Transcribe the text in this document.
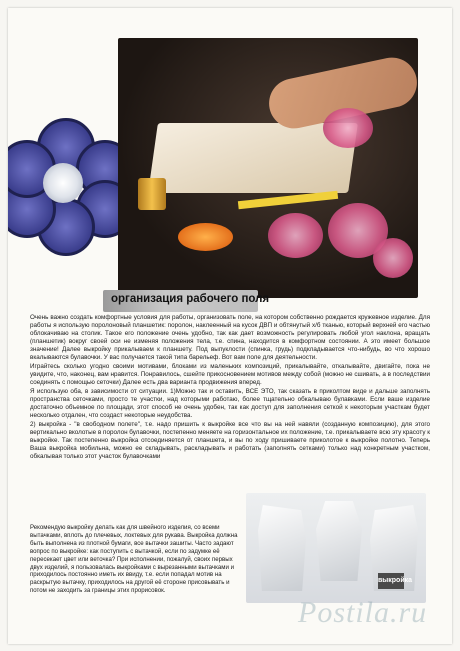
организация рабочего поля

Очень важно создать комфортные условия для работы, организовать поле, на котором собственно рождается кружевное изделие. Для работы я использую поролоновый планшетик: поролон, наклеенный на кусок ДВП и обтянутый х/б тканью, который верхней его частью облокачиваю на столик. Такое его положение очень удобно, так как дает возможность регулировать любой угол наклона, вращать (планшетик) вокруг своей оси не изменяя положения тела, т.е. спина, находится в комфортном состоянии. А это имеет большое значение! Далее выкройку прикалываем к планшету. Под выпуклости (спинка, грудь) подкладывается что-нибудь, во что хорошо вкалываются булавочки. У вас получается такой типа барельеф. Вот вам поле для деятельности.

Играйтесь сколько угодно своими мотивами, блоками из маленьких композиций, прикалывайте, откалывайте, двигайте, пока не увидите, что, наконец, вам нравится. Понравилось, сшейте прикосновением мотивов между собой (можно не сшивать, а в последствии соединять с помощью сеточки) Далее есть два варианта продвижения вперед.

Я использую оба, в зависимости от ситуации. 1)Можно так и оставить, ВСЕ ЭТО, так сказать в приколтом виде и дальше заполнять пространства сеточками, просто те участки, над которыми работаю, более тщательно обкалываю булавками. Если ваше изделие достаточно объемное по площади, этот способ не очень удобен, так как доступ для заполнения сеткой к некоторым участкам будет несколько отдален, что создаст некоторые неудобства.

2) выкройка - "в свободном полете", т.е. надо пришить к выкройке все что вы на ней навяли (созданную композицию), для этого вертикально вколотые в поролон булавочки, постепенно меняете на горизонтальное их положение, т.е. прикалываете всю эту красоту к выкройке. Так постепенно выкройка отсоединяется от планшета, и вы по ходу пришиваете приколотое к выкройке полотно. Теперь Ваша выкройка мобильна, можно ее складывать, раскладывать и работать (заполнять сетками) только над конкретным участком, обкалывая только этот участок булавочками

Рекомендую выкройку делать как для швейного изделия, со всеми вытачками, вплоть до плечевых, локтевых для рукава. Выкройка должна быть выполнена из плотной бумаги, все вытачки зашиты. Часто задают вопрос по выкройке: как поступить с вытачкой, если по задумке её пересекает цвет или веточка? При исполнении, пожалуй, своих первых двух изделий, я пользовалась выкройками с вырезанными вытачками и приходилось постоянно иметь их ввиду, т.е. если попадал мотив на раскрытую вытачку, приходилось на другой её стороне присовывать и потом не заходить за границы этих прорисовок.

выкройка
Postila.ru
